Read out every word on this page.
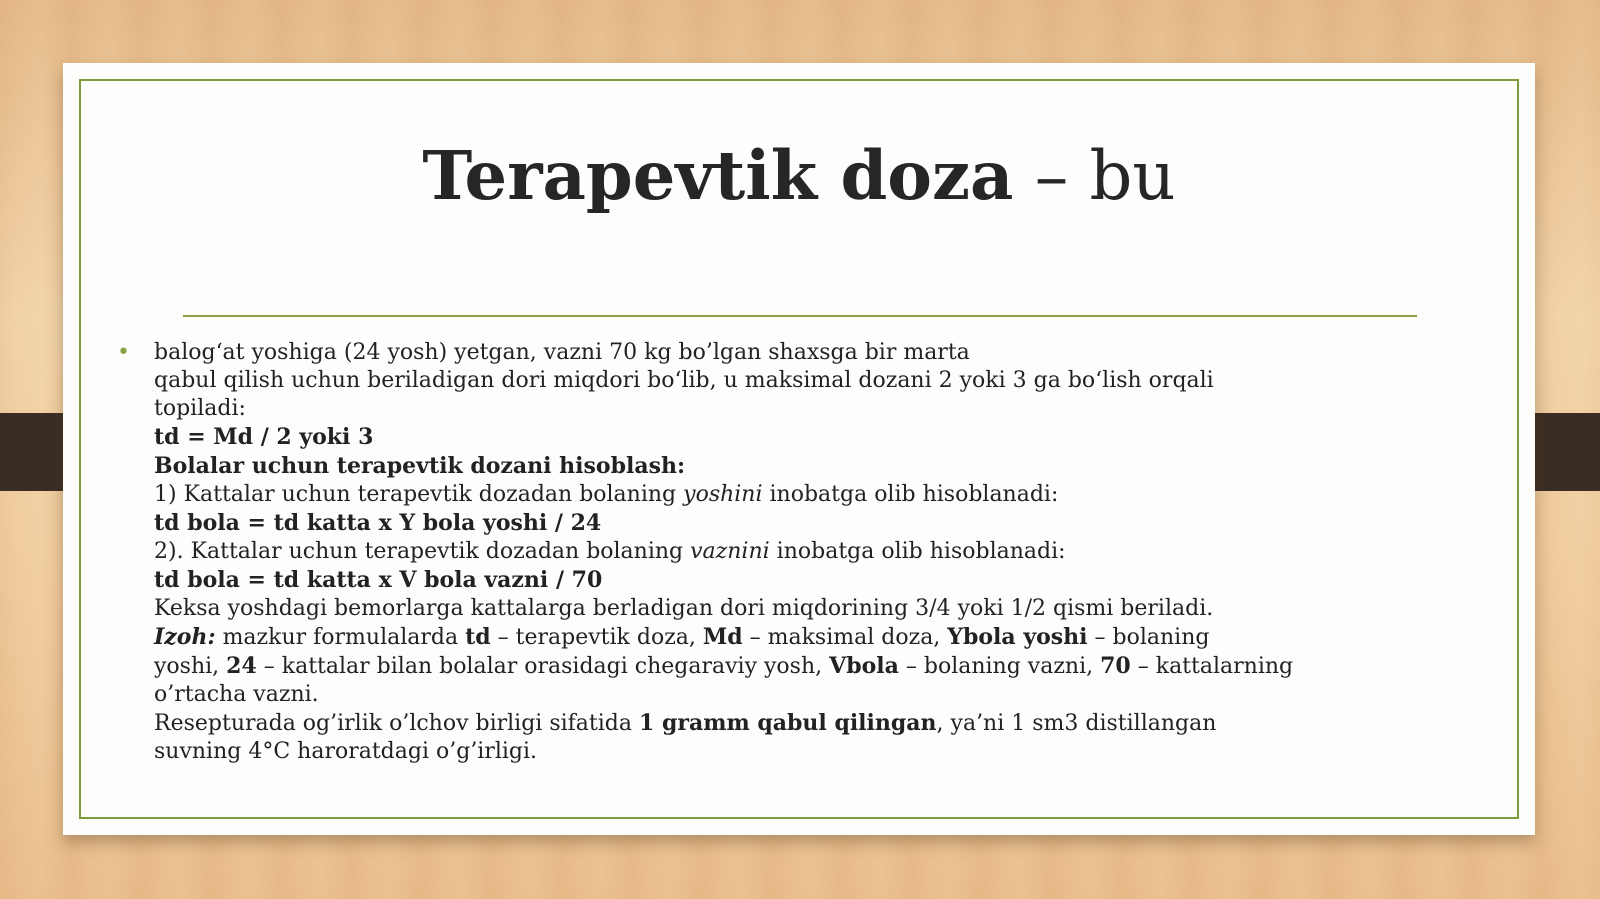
Terapevtik doza – bu
• balog‘at yoshiga (24 yosh) yetgan, vazni 70 kg bo’lgan shaxsga bir marta
qabul qilish uchun beriladigan dori miqdori bo‘lib, u maksimal dozani 2 yoki 3 ga bo‘lish orqali
topiladi:
td = Md / 2 yoki 3
Bolalar uchun terapevtik dozani hisoblash:
1) Kattalar uchun terapevtik dozadan bolaning yoshini inobatga olib hisoblanadi:
td bola = td katta x Y bola yoshi / 24
2). Kattalar uchun terapevtik dozadan bolaning vaznini inobatga olib hisoblanadi:
td bola = td katta x V bola vazni / 70
Keksa yoshdagi bemorlarga kattalarga berladigan dori miqdorining 3/4 yoki 1/2 qismi beriladi.
Izoh: mazkur formulalarda td – terapevtik doza, Md – maksimal doza, Ybola yoshi – bolaning
yoshi, 24 – kattalar bilan bolalar orasidagi chegaraviy yosh, Vbola – bolaning vazni, 70 – kattalarning
o’rtacha vazni.
Resepturada og’irlik o’lchov birligi sifatida 1 gramm qabul qilingan, ya’ni 1 sm3 distillangan
suvning 4°C haroratdagi o’g’irligi.
